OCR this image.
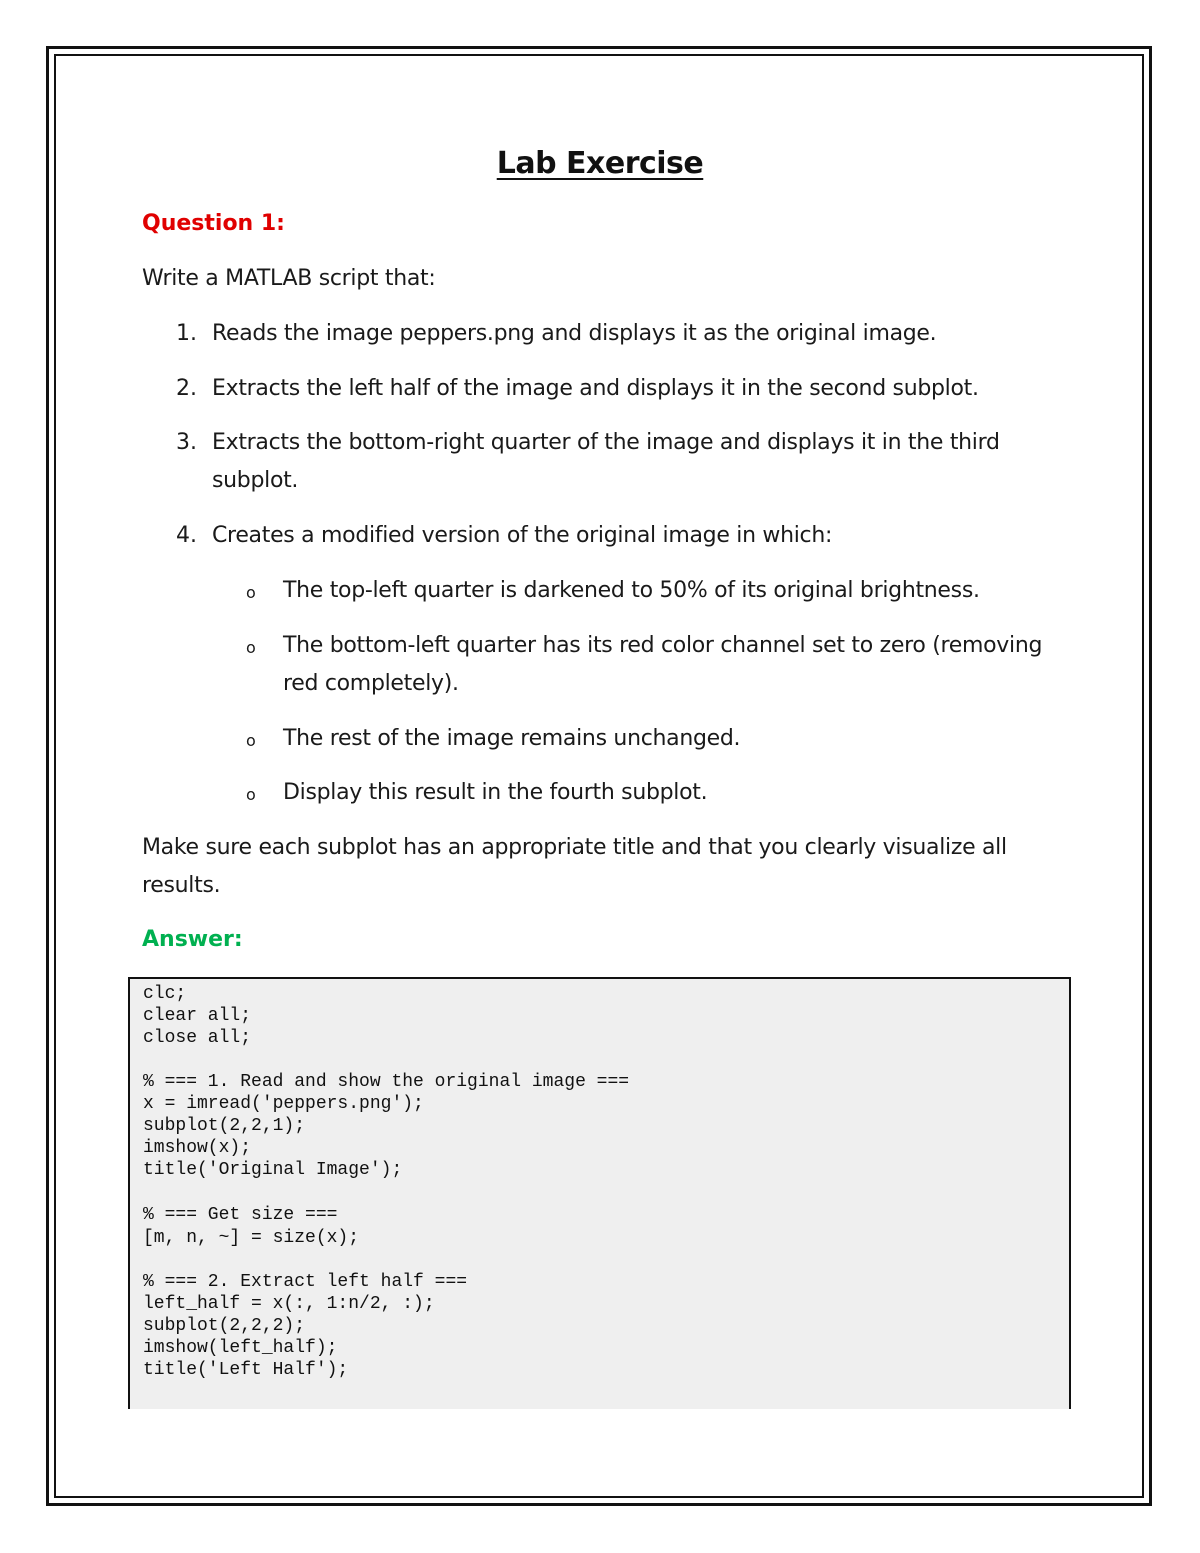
Lab Exercise
Question 1:
Write a MATLAB script that:
1. Reads the image peppers.png and displays it as the original image.
2. Extracts the left half of the image and displays it in the second subplot.
3. Extracts the bottom-right quarter of the image and displays it in the third subplot.
4. Creates a modified version of the original image in which:
o The top-left quarter is darkened to 50% of its original brightness.
o The bottom-left quarter has its red color channel set to zero (removing red completely).
o The rest of the image remains unchanged.
o Display this result in the fourth subplot.
Make sure each subplot has an appropriate title and that you clearly visualize all results.
Answer:
clc;
clear all;
close all;
% === 1. Read and show the original image ===
x = imread('peppers.png');
subplot(2,2,1);
imshow(x);
title('Original Image');
% === Get size ===
[m, n, ~] = size(x);
% === 2. Extract left half ===
left_half = x(:, 1:n/2, :);
subplot(2,2,2);
imshow(left_half);
title('Left Half');
